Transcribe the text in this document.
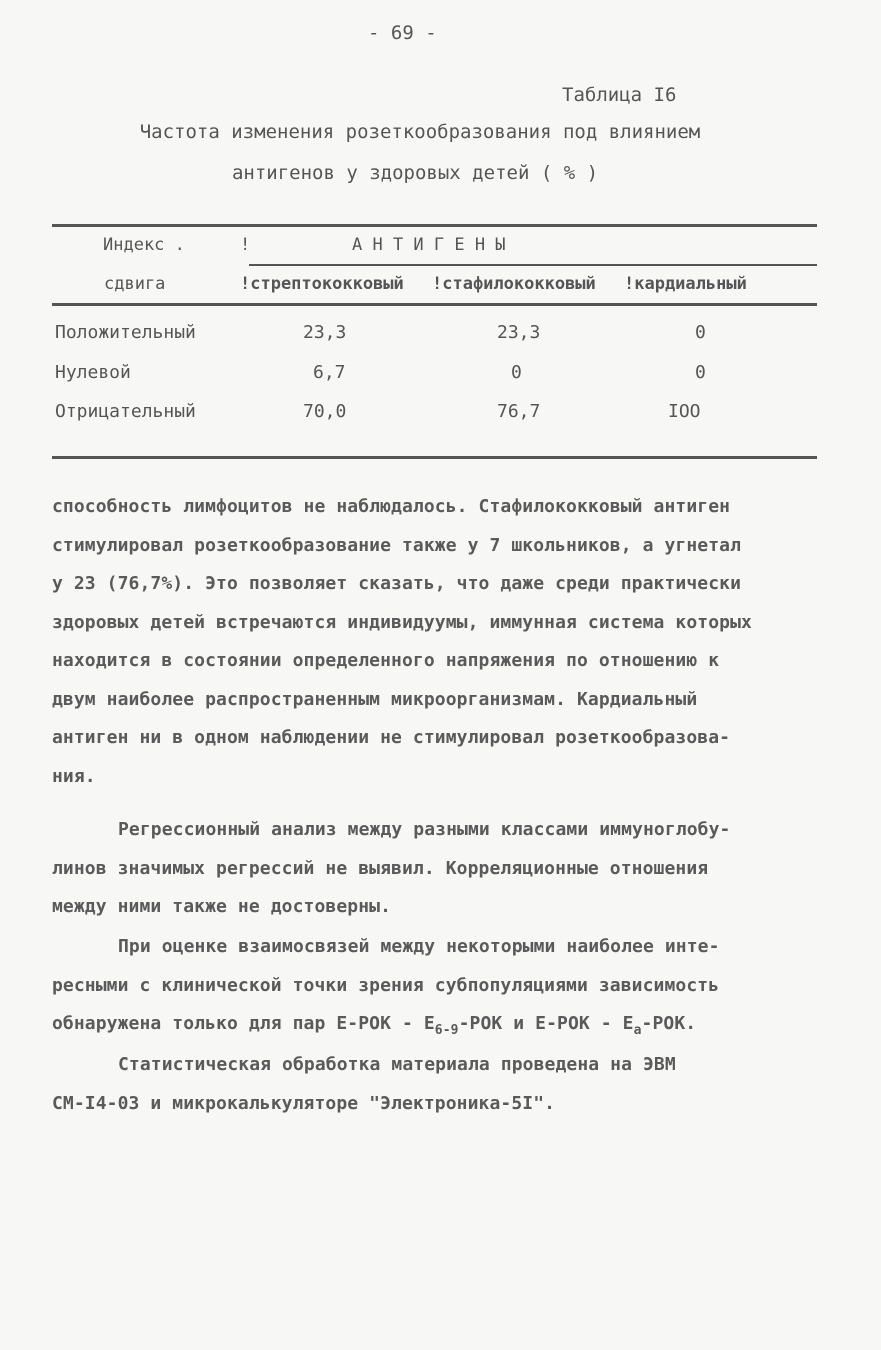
- 69 -
Таблица I6
Частота изменения розеткообразования под влиянием
антигенов у здоровых детей ( % )
Индекс .	!	А Н Т И Г Е Н Ы
сдвига	!стрептококковый !стафилококковый !кардиальный
Положительный	23,3	23,3	0
Нулевой	6,7	0	0
Отрицательный	70,0	76,7	IOO
способность лимфоцитов не наблюдалось. Стафилококковый антиген
стимулировал розеткообразование также у 7 школьников, а угнетал
у 23 (76,7%). Это позволяет сказать, что даже среди практически
здоровых детей встречаются индивидуумы, иммунная система которых
находится в состоянии определенного напряжения по отношению к
двум наиболее распространенным микроорганизмам. Кардиальный
антиген ни в одном наблюдении не стимулировал розеткообразова-
ния.
Регрессионный анализ между разными классами иммуноглобу-
линов значимых регрессий не выявил. Корреляционные отношения
между ними также не достоверны.
При оценке взаимосвязей между некоторыми наиболее инте-
ресными с клинической точки зрения субпопуляциями зависимость
обнаружена только для пар $Е-РОК - Е_{6-9}$-РОК и $Е-РОК - Е_а$-РОК.
Статистическая обработка материала проведена на ЭВМ
СМ-I4-03 и микрокалькуляторе "Электроника-5I".
